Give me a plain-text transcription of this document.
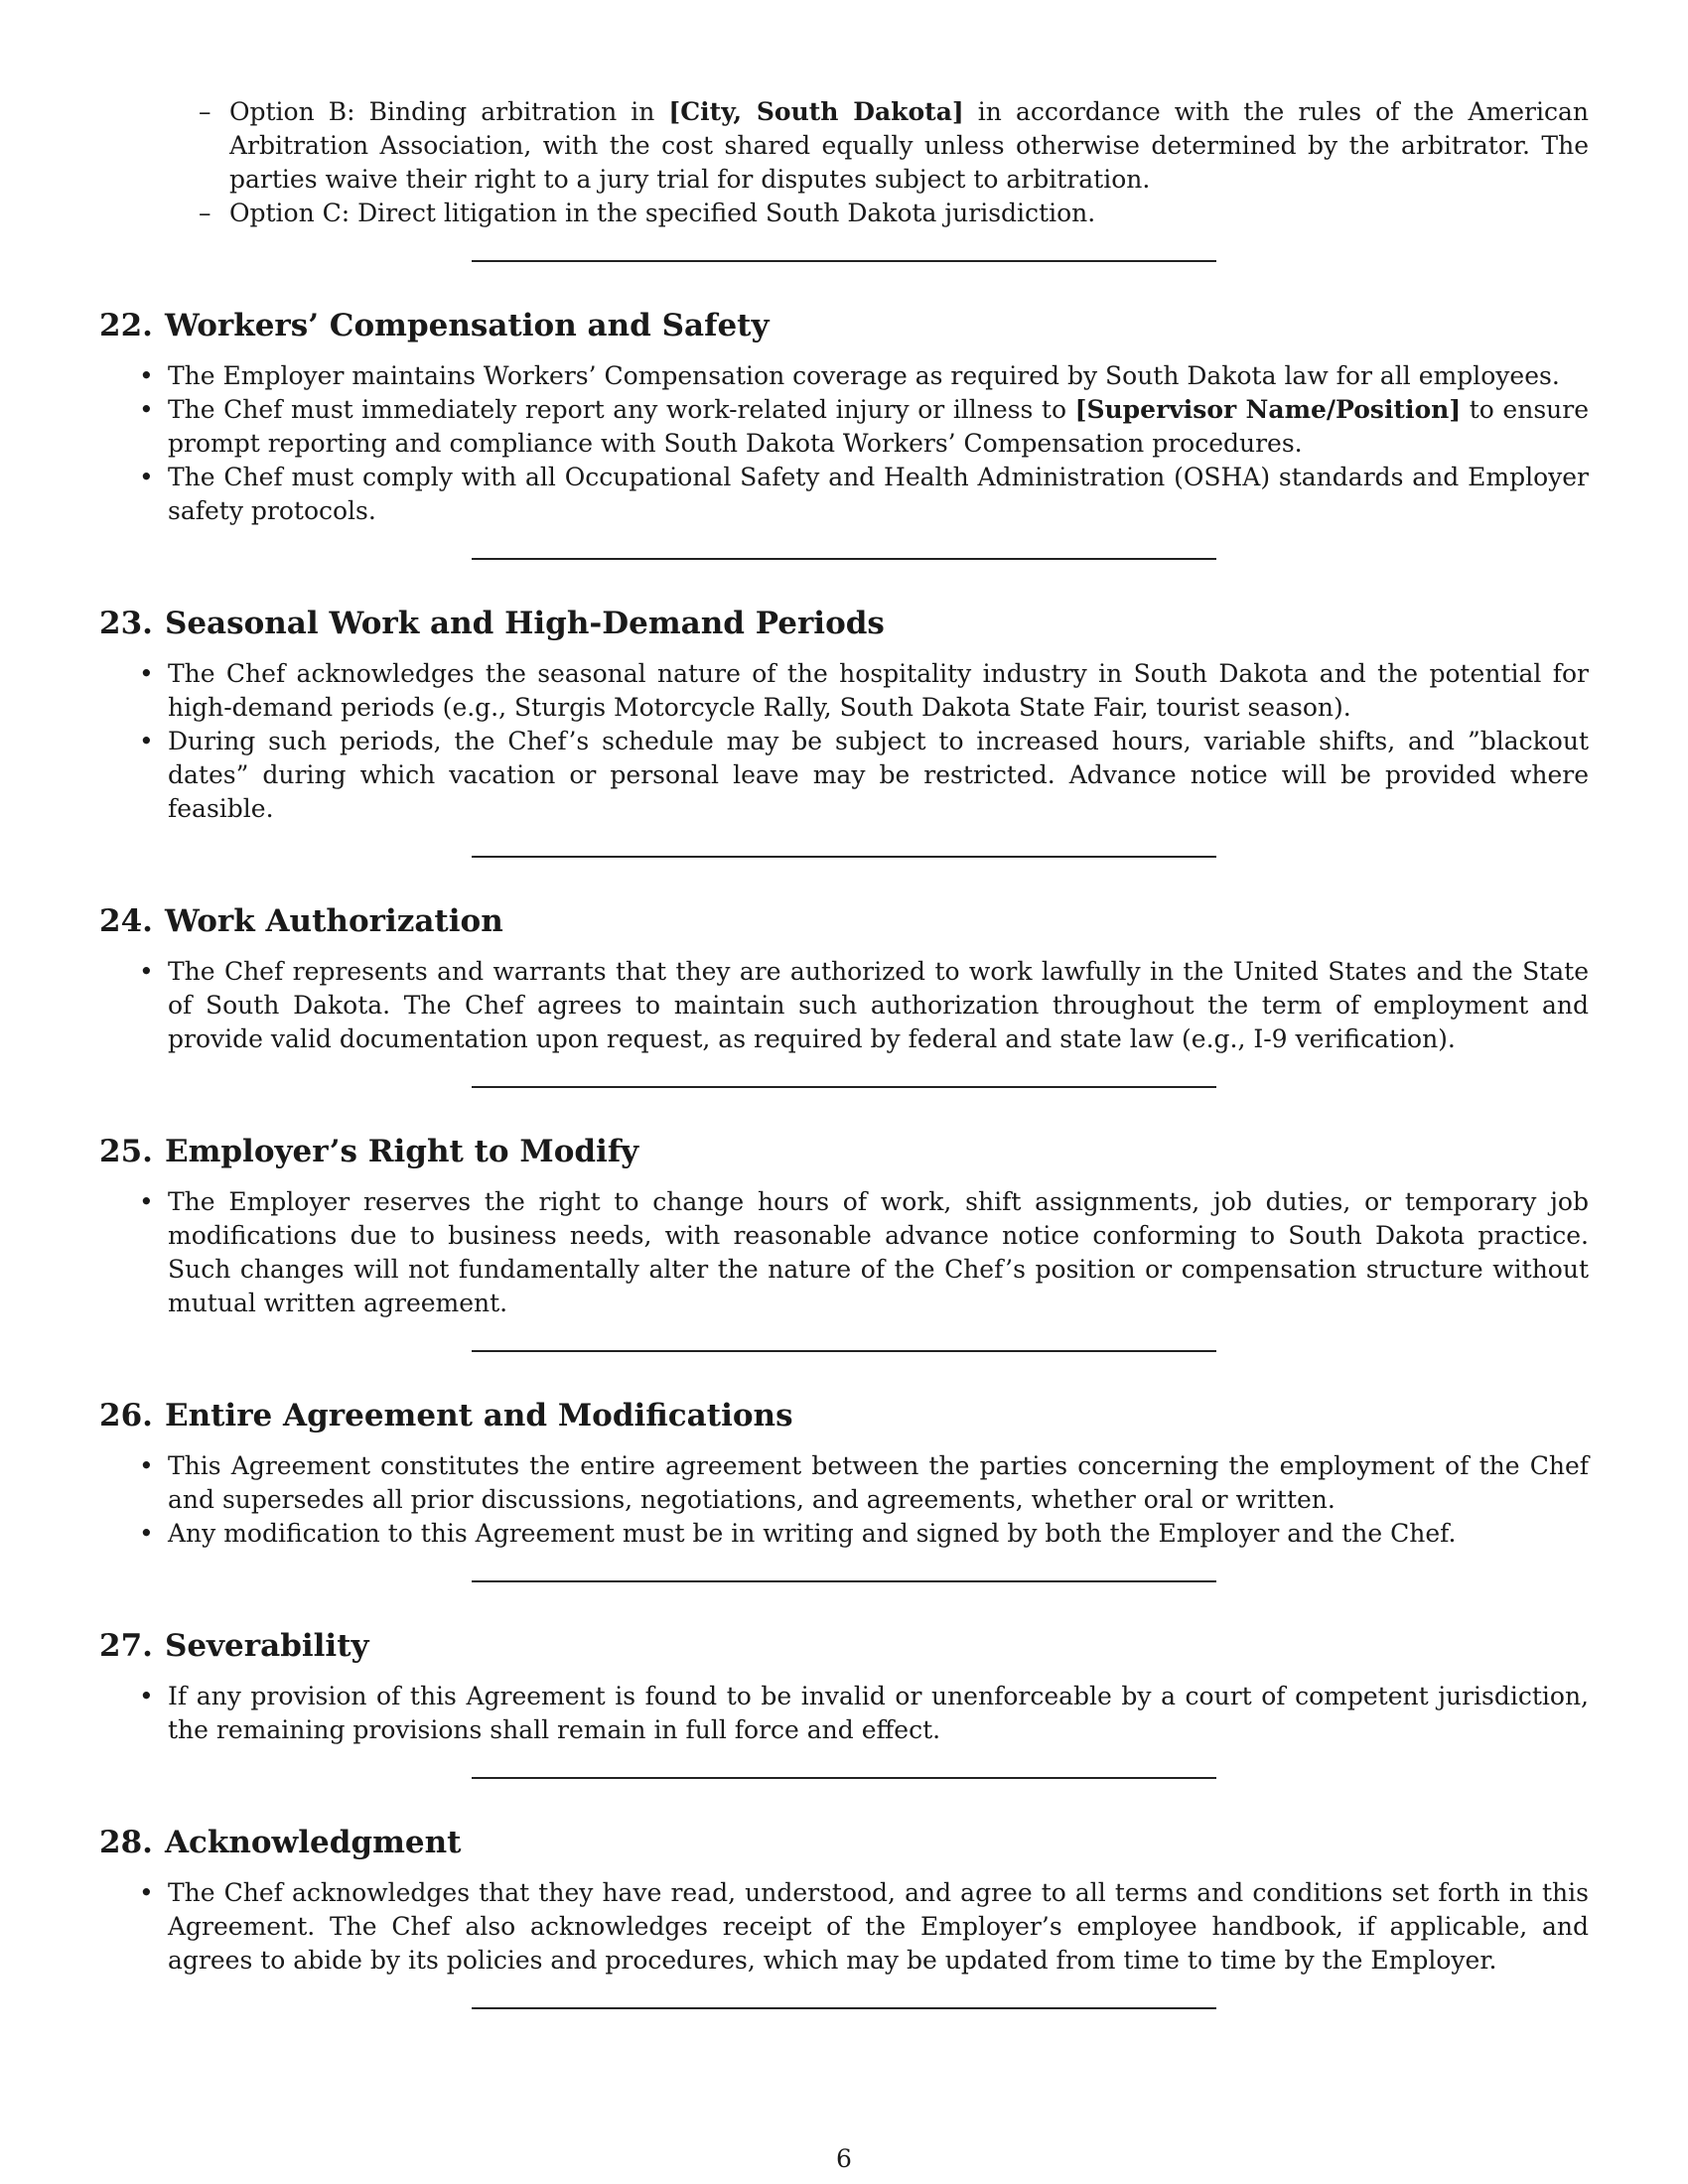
– Option B: Binding arbitration in [City, South Dakota] in accordance with the rules of the American Arbitration Association, with the cost shared equally unless otherwise determined by the arbitrator. The parties waive their right to a jury trial for disputes subject to arbitration.
– Option C: Direct litigation in the specified South Dakota jurisdiction.
22. Workers’ Compensation and Safety
• The Employer maintains Workers’ Compensation coverage as required by South Dakota law for all employees.
• The Chef must immediately report any work-related injury or illness to [Supervisor Name/Position] to ensure prompt reporting and compliance with South Dakota Workers’ Compensation procedures.
• The Chef must comply with all Occupational Safety and Health Administration (OSHA) standards and Employer safety protocols.
23. Seasonal Work and High-Demand Periods
• The Chef acknowledges the seasonal nature of the hospitality industry in South Dakota and the potential for high-demand periods (e.g., Sturgis Motorcycle Rally, South Dakota State Fair, tourist season).
• During such periods, the Chef’s schedule may be subject to increased hours, variable shifts, and ”blackout dates” during which vacation or personal leave may be restricted. Advance notice will be provided where feasible.
24. Work Authorization
• The Chef represents and warrants that they are authorized to work lawfully in the United States and the State of South Dakota. The Chef agrees to maintain such authorization throughout the term of employment and provide valid documentation upon request, as required by federal and state law (e.g., I-9 verification).
25. Employer’s Right to Modify
• The Employer reserves the right to change hours of work, shift assignments, job duties, or temporary job modifications due to business needs, with reasonable advance notice conforming to South Dakota practice. Such changes will not fundamentally alter the nature of the Chef’s position or compensation structure without mutual written agreement.
26. Entire Agreement and Modifications
• This Agreement constitutes the entire agreement between the parties concerning the employment of the Chef and supersedes all prior discussions, negotiations, and agreements, whether oral or written.
• Any modification to this Agreement must be in writing and signed by both the Employer and the Chef.
27. Severability
• If any provision of this Agreement is found to be invalid or unenforceable by a court of competent jurisdiction, the remaining provisions shall remain in full force and effect.
28. Acknowledgment
• The Chef acknowledges that they have read, understood, and agree to all terms and conditions set forth in this Agreement. The Chef also acknowledges receipt of the Employer’s employee handbook, if applicable, and agrees to abide by its policies and procedures, which may be updated from time to time by the Employer.
6
